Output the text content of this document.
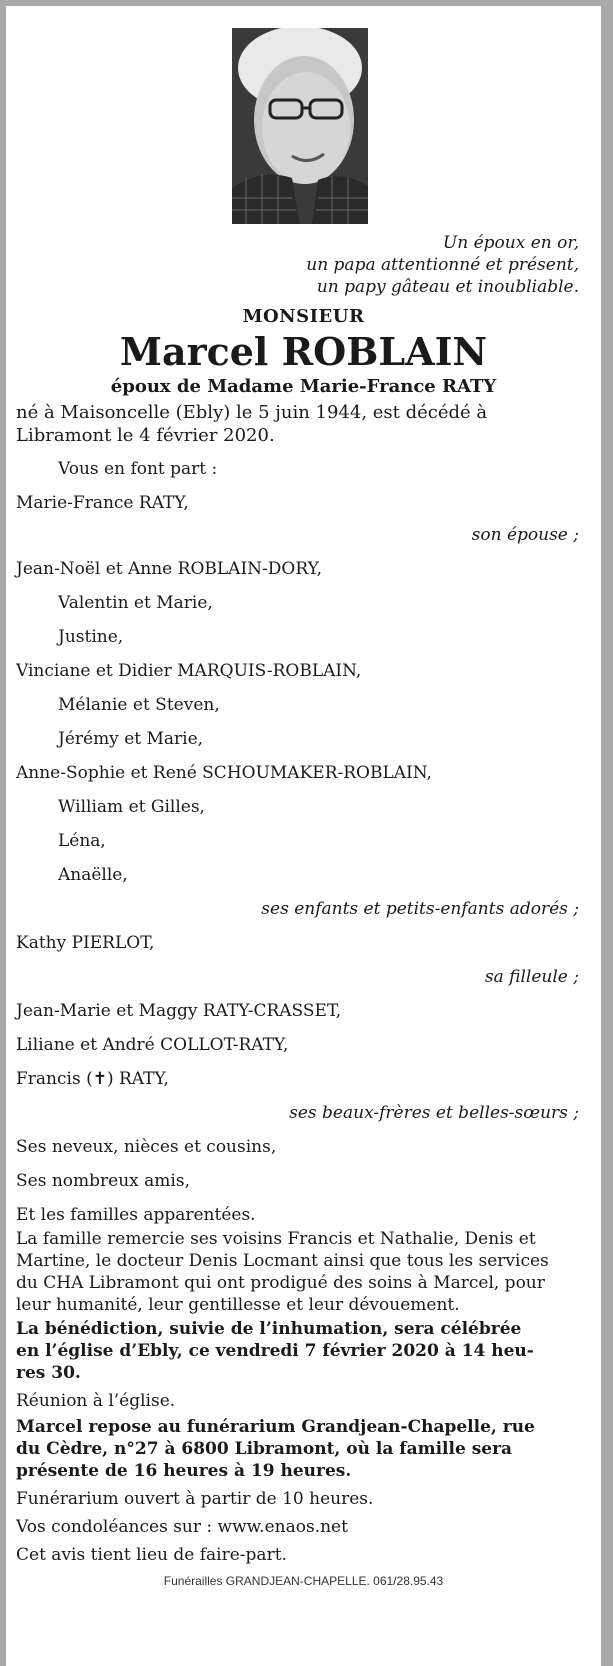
Un époux en or,
un papa attentionné et présent,
un papy gâteau et inoubliable.
MONSIEUR
Marcel ROBLAIN
époux de Madame Marie-France RATY
né à Maisoncelle (Ebly) le 5 juin 1944, est décédé à
Libramont le 4 février 2020.
Vous en font part :
Marie-France RATY,
son épouse ;
Jean-Noël et Anne ROBLAIN-DORY,
Valentin et Marie,
Justine,
Vinciane et Didier MARQUIS-ROBLAIN,
Mélanie et Steven,
Jérémy et Marie,
Anne-Sophie et René SCHOUMAKER-ROBLAIN,
William et Gilles,
Léna,
Anaëlle,
ses enfants et petits-enfants adorés ;
Kathy PIERLOT,
sa filleule ;
Jean-Marie et Maggy RATY-CRASSET,
Liliane et André COLLOT-RATY,
Francis (✝) RATY,
ses beaux-frères et belles-sœurs ;
Ses neveux, nièces et cousins,
Ses nombreux amis,
Et les familles apparentées.
La famille remercie ses voisins Francis et Nathalie, Denis et
Martine, le docteur Denis Locmant ainsi que tous les services
du CHA Libramont qui ont prodigué des soins à Marcel, pour
leur humanité, leur gentillesse et leur dévouement.
La bénédiction, suivie de l’inhumation, sera célébrée
en l’église d’Ebly, ce vendredi 7 février 2020 à 14 heu-
res 30.
Réunion à l’église.
Marcel repose au funérarium Grandjean-Chapelle, rue
du Cèdre, n°27 à 6800 Libramont, où la famille sera
présente de 16 heures à 19 heures.
Funérarium ouvert à partir de 10 heures.
Vos condoléances sur : www.enaos.net
Cet avis tient lieu de faire-part.
Funérailles GRANDJEAN-CHAPELLE. 061/28.95.43
